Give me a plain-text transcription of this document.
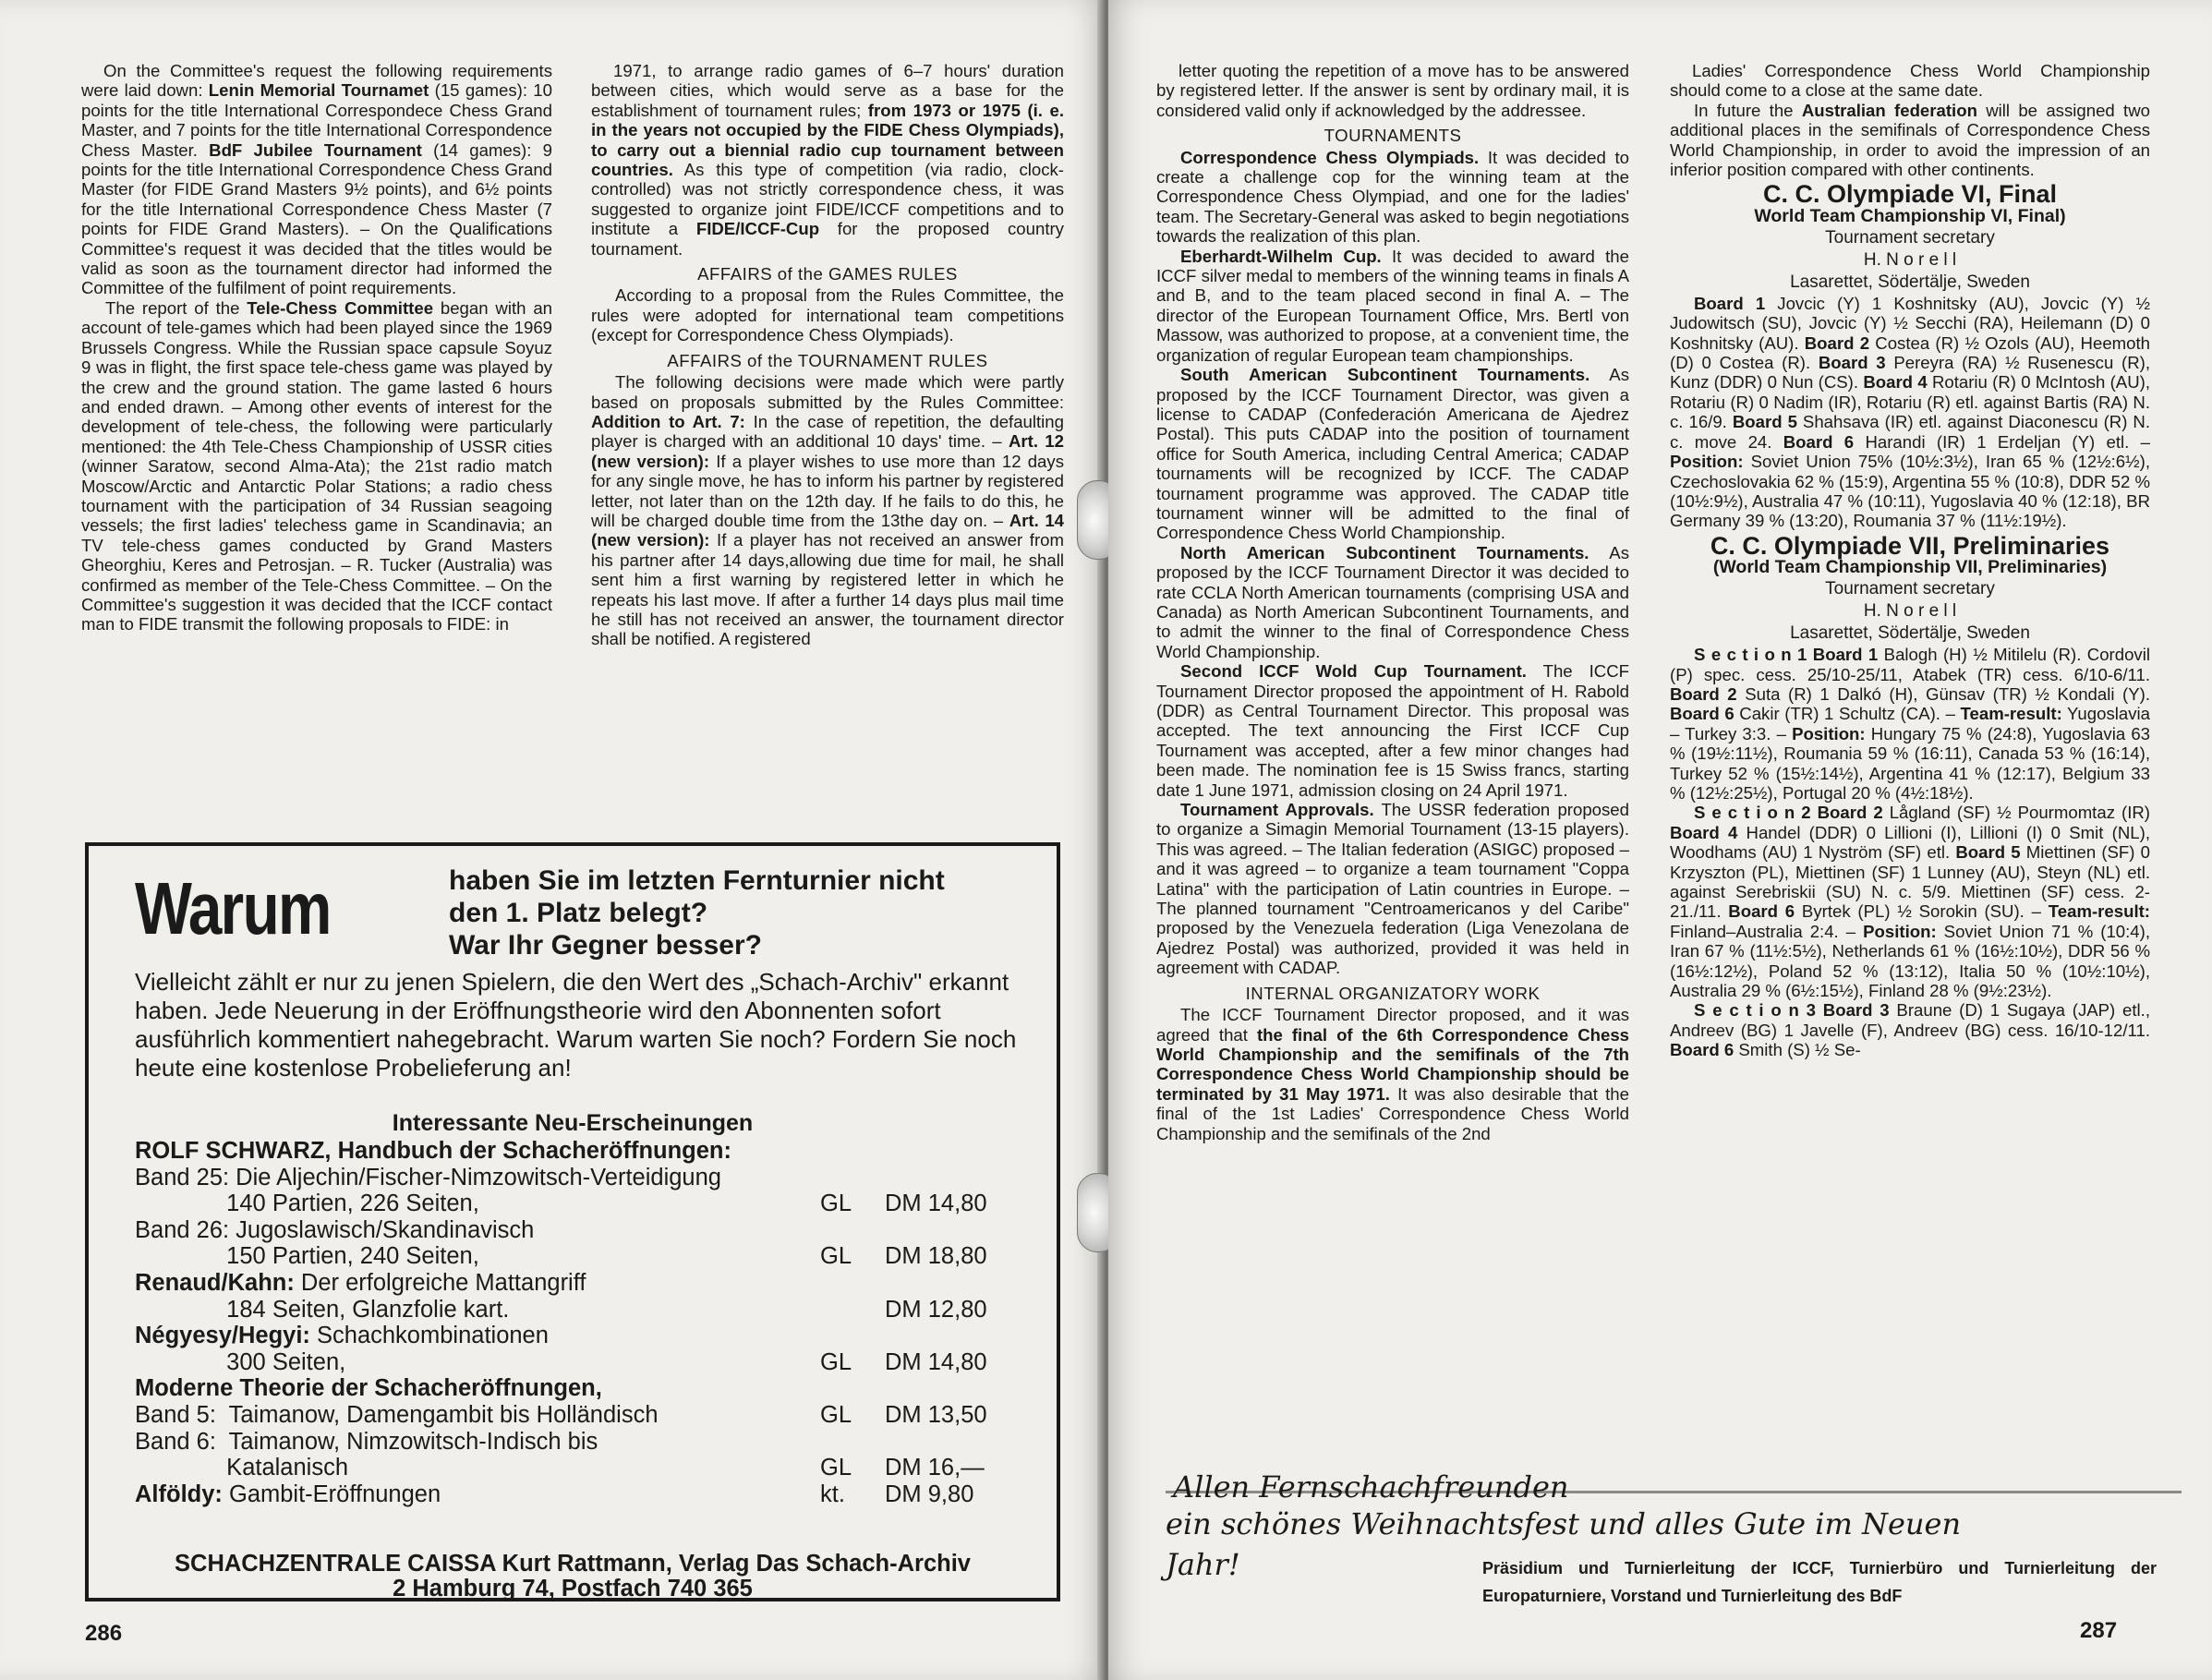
On the Committee's request the following requirements were laid down: Lenin Memorial Tournamet (15 games): 10 points for the title International Correspondece Chess Grand Master, and 7 points for the title International Correspondence Chess Master. BdF Jubilee Tournament (14 games): 9 points for the title International Correspondence Chess Grand Master (for FIDE Grand Masters 9½ points), and 6½ points for the title International Correspondence Chess Master (7 points for FIDE Grand Masters). – On the Qualifications Committee's request it was decided that the titles would be valid as soon as the tournament director had informed the Committee of the fulfilment of point requirements.

The report of the Tele-Chess Committee began with an account of tele-games which had been played since the 1969 Brussels Congress. While the Russian space capsule Soyuz 9 was in flight, the first space tele-chess game was played by the crew and the ground station. The game lasted 6 hours and ended drawn. – Among other events of interest for the development of tele-chess, the following were particularly mentioned: the 4th Tele-Chess Championship of USSR cities (winner Saratow, second Alma-Ata); the 21st radio match Moscow/Arctic and Antarctic Polar Stations; a radio chess tournament with the participation of 34 Russian seagoing vessels; the first ladies' telechess game in Scandinavia; an TV tele-chess games conducted by Grand Masters Gheorghiu, Keres and Petrosjan. – R. Tucker (Australia) was confirmed as member of the Tele-Chess Committee. – On the Committee's suggestion it was decided that the ICCF contact man to FIDE transmit the following proposals to FIDE: in

1971, to arrange radio games of 6–7 hours' duration between cities, which would serve as a base for the establishment of tournament rules; from 1973 or 1975 (i. e. in the years not occupied by the FIDE Chess Olympiads), to carry out a biennial radio cup tournament between countries. As this type of competition (via radio, clock-controlled) was not strictly correspondence chess, it was suggested to organize joint FIDE/ICCF competitions and to institute a FIDE/ICCF-Cup for the proposed country tournament.

AFFAIRS of the GAMES RULES

According to a proposal from the Rules Committee, the rules were adopted for international team competitions (except for Correspondence Chess Olympiads).

AFFAIRS of the TOURNAMENT RULES

The following decisions were made which were partly based on proposals submitted by the Rules Committee: Addition to Art. 7: In the case of repetition, the defaulting player is charged with an additional 10 days' time. – Art. 12 (new version): If a player wishes to use more than 12 days for any single move, he has to inform his partner by registered letter, not later than on the 12th day. If he fails to do this, he will be charged double time from the 13the day on. – Art. 14 (new version): If a player has not received an answer from his partner after 14 days,allowing due time for mail, he shall sent him a first warning by registered letter in which he repeats his last move. If after a further 14 days plus mail time he still has not received an answer, the tournament director shall be notified. A registered

Warum	haben Sie im letzten Fernturnier nicht
den 1. Platz belegt?
War Ihr Gegner besser?
Vielleicht zählt er nur zu jenen Spielern, die den Wert des „Schach-Archiv" erkannt haben. Jede Neuerung in der Eröffnungstheorie wird den Abonnenten sofort ausführlich kommentiert nahegebracht. Warum warten Sie noch? Fordern Sie noch heute eine kostenlose Probelieferung an!
Interessante Neu-Erscheinungen
ROLF SCHWARZ, Handbuch der Schacheröffnungen:
Band 25: Die Aljechin/Fischer-Nimzowitsch-Verteidigung
140 Partien, 226 Seiten,	GL DM 14,80
Band 26: Jugoslawisch/Skandinavisch
150 Partien, 240 Seiten,	GL DM 18,80
Renaud/Kahn: Der erfolgreiche Mattangriff
184 Seiten, Glanzfolie kart.	DM 12,80
Négyesy/Hegyi: Schachkombinationen
300 Seiten,	GL DM 14,80
Moderne Theorie der Schacheröffnungen,
Band 5:  Taimanow, Damengambit bis Holländisch	GL DM 13,50
Band 6:  Taimanow, Nimzowitsch-Indisch bis
Katalanisch	GL DM 16,—
Alföldy: Gambit-Eröffnungen	kt. DM 9,80
SCHACHZENTRALE CAISSA Kurt Rattmann, Verlag Das Schach-Archiv
2 Hamburg 74, Postfach 740 365
286

letter quoting the repetition of a move has to be answered by registered letter. If the answer is sent by ordinary mail, it is considered valid only if acknowledged by the addressee.

TOURNAMENTS

Correspondence Chess Olympiads. It was decided to create a challenge cop for the winning team at the Correspondence Chess Olympiad, and one for the ladies' team. The Secretary-General was asked to begin negotiations towards the realization of this plan.

Eberhardt-Wilhelm Cup. It was decided to award the ICCF silver medal to members of the winning teams in finals A and B, and to the team placed second in final A. – The director of the European Tournament Office, Mrs. Bertl von Massow, was authorized to propose, at a convenient time, the organization of regular European team championships.

South American Subcontinent Tournaments. As proposed by the ICCF Tournament Director, was given a license to CADAP (Confederación Americana de Ajedrez Postal). This puts CADAP into the position of tournament office for South America, including Central America; CADAP tournaments will be recognized by ICCF. The CADAP tournament programme was approved. The CADAP title tournament winner will be admitted to the final of Correspondence Chess World Championship.

North American Subcontinent Tournaments. As proposed by the ICCF Tournament Director it was decided to rate CCLA North American tournaments (comprising USA and Canada) as North American Subcontinent Tournaments, and to admit the winner to the final of Correspondence Chess World Championship.

Second ICCF Wold Cup Tournament. The ICCF Tournament Director proposed the appointment of H. Rabold (DDR) as Central Tournament Director. This proposal was accepted. The text announcing the First ICCF Cup Tournament was accepted, after a few minor changes had been made. The nomination fee is 15 Swiss francs, starting date 1 June 1971, admission closing on 24 April 1971.

Tournament Approvals. The USSR federation proposed to organize a Simagin Memorial Tournament (13-15 players). This was agreed. – The Italian federation (ASIGC) proposed – and it was agreed – to organize a team tournament "Coppa Latina" with the participation of Latin countries in Europe. – The planned tournament "Centroamericanos y del Caribe" proposed by the Venezuela federation (Liga Venezolana de Ajedrez Postal) was authorized, provided it was held in agreement with CADAP.

INTERNAL ORGANIZATORY WORK

The ICCF Tournament Director proposed, and it was agreed that the final of the 6th Correspondence Chess World Championship and the semifinals of the 7th Correspondence Chess World Championship should be terminated by 31 May 1971. It was also desirable that the final of the 1st Ladies' Correspondence Chess World Championship and the semifinals of the 2nd

Ladies' Correspondence Chess World Championship should come to a close at the same date.

In future the Australian federation will be assigned two additional places in the semifinals of Correspondence Chess World Championship, in order to avoid the impression of an inferior position compared with other continents.

C. C. Olympiade VI, Final
World Team Championship VI, Final)
Tournament secretary
H. N o r e l l
Lasarettet, Södertälje, Sweden

Board 1 Jovcic (Y) 1 Koshnitsky (AU), Jovcic (Y) ½ Judowitsch (SU), Jovcic (Y) ½ Secchi (RA), Heilemann (D) 0 Koshnitsky (AU). Board 2 Costea (R) ½ Ozols (AU), Heemoth (D) 0 Costea (R). Board 3 Pereyra (RA) ½ Rusenescu (R), Kunz (DDR) 0 Nun (CS). Board 4 Rotariu (R) 0 McIntosh (AU), Rotariu (R) 0 Nadim (IR), Rotariu (R) etl. against Bartis (RA) N. c. 16/9. Board 5 Shahsava (IR) etl. against Diaconescu (R) N. c. move 24. Board 6 Harandi (IR) 1 Erdeljan (Y) etl. – Position: Soviet Union 75% (10½:3½), Iran 65 % (12½:6½), Czechoslovakia 62 % (15:9), Argentina 55 % (10:8), DDR 52 % (10½:9½), Australia 47 % (10:11), Yugoslavia 40 % (12:18), BR Germany 39 % (13:20), Roumania 37 % (11½:19½).

C. C. Olympiade VII, Preliminaries
(World Team Championship VII, Preliminaries)
Tournament secretary
H. N o r e l l
Lasarettet, Södertälje, Sweden

S e c t i o n 1 Board 1 Balogh (H) ½ Mitilelu (R). Cordovil (P) spec. cess. 25/10-25/11, Atabek (TR) cess. 6/10-6/11. Board 2 Suta (R) 1 Dalkó (H), Günsav (TR) ½ Kondali (Y). Board 6 Cakir (TR) 1 Schultz (CA). – Team-result: Yugoslavia – Turkey 3:3. – Position: Hungary 75 % (24:8), Yugoslavia 63 % (19½:11½), Roumania 59 % (16:11), Canada 53 % (16:14), Turkey 52 % (15½:14½), Argentina 41 % (12:17), Belgium 33 % (12½:25½), Portugal 20 % (4½:18½).

S e c t i o n 2 Board 2 Lågland (SF) ½ Pourmomtaz (IR) Board 4 Handel (DDR) 0 Lillioni (I), Lillioni (I) 0 Smit (NL), Woodhams (AU) 1 Nyström (SF) etl. Board 5 Miettinen (SF) 0 Krzyszton (PL), Miettinen (SF) 1 Lunney (AU), Steyn (NL) etl. against Serebriskii (SU) N. c. 5/9. Miettinen (SF) cess. 2-21./11. Board 6 Byrtek (PL) ½ Sorokin (SU). – Team-result: Finland–Australia 2:4. – Position: Soviet Union 71 % (10:4), Iran 67 % (11½:5½), Netherlands 61 % (16½:10½), DDR 56 % (16½:12½), Poland 52 % (13:12), Italia 50 % (10½:10½), Australia 29 % (6½:15½), Finland 28 % (9½:23½).

S e c t i o n 3 Board 3 Braune (D) 1 Sugaya (JAP) etl., Andreev (BG) 1 Javelle (F), Andreev (BG) cess. 16/10-12/11. Board 6 Smith (S) ½ Se-

287
Allen Fernschachfreunden
ein schönes Weihnachtsfest und alles Gute im Neuen Jahr!	Präsidium und Turnierleitung der ICCF, Turnierbüro und Turnierleitung der Europaturniere, Vorstand und Turnierleitung des BdF
